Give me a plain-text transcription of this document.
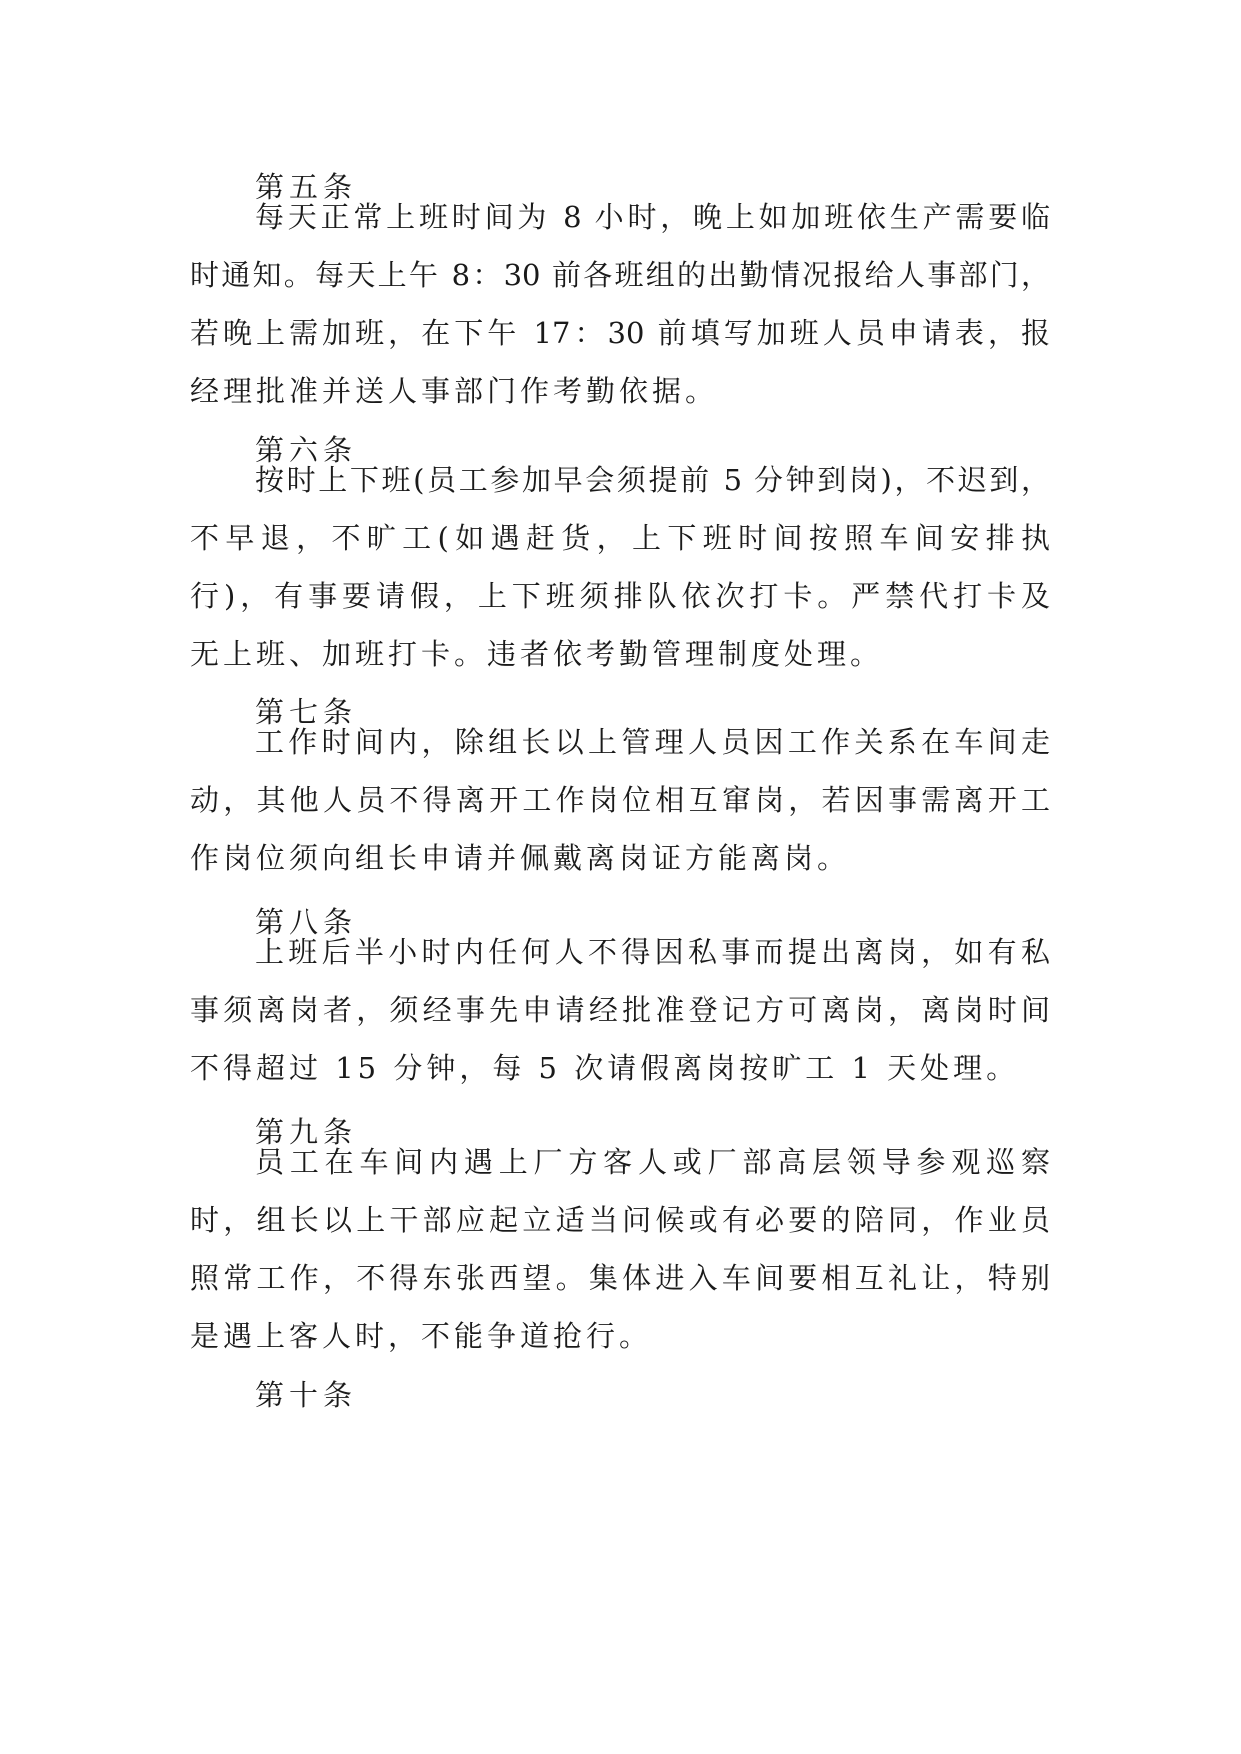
第五条
每天正常上班时间为 8 小时，晚上如加班依生产需要临
时通知。每天上午 8：30 前各班组的出勤情况报给人事部门，
若晚上需加班，在下午 17：30 前填写加班人员申请表，报
经理批准并送人事部门作考勤依据。
第六条
按时上下班(员工参加早会须提前 5 分钟到岗)，不迟到，
不早退，不旷工(如遇赶货，上下班时间按照车间安排执
行)，有事要请假，上下班须排队依次打卡。严禁代打卡及
无上班、加班打卡。违者依考勤管理制度处理。
第七条
工作时间内，除组长以上管理人员因工作关系在车间走
动，其他人员不得离开工作岗位相互窜岗，若因事需离开工
作岗位须向组长申请并佩戴离岗证方能离岗。
第八条
上班后半小时内任何人不得因私事而提出离岗，如有私
事须离岗者，须经事先申请经批准登记方可离岗，离岗时间
不得超过 15 分钟，每 5 次请假离岗按旷工 1 天处理。
第九条
员工在车间内遇上厂方客人或厂部高层领导参观巡察
时，组长以上干部应起立适当问候或有必要的陪同，作业员
照常工作，不得东张西望。集体进入车间要相互礼让，特别
是遇上客人时，不能争道抢行。
第十条
